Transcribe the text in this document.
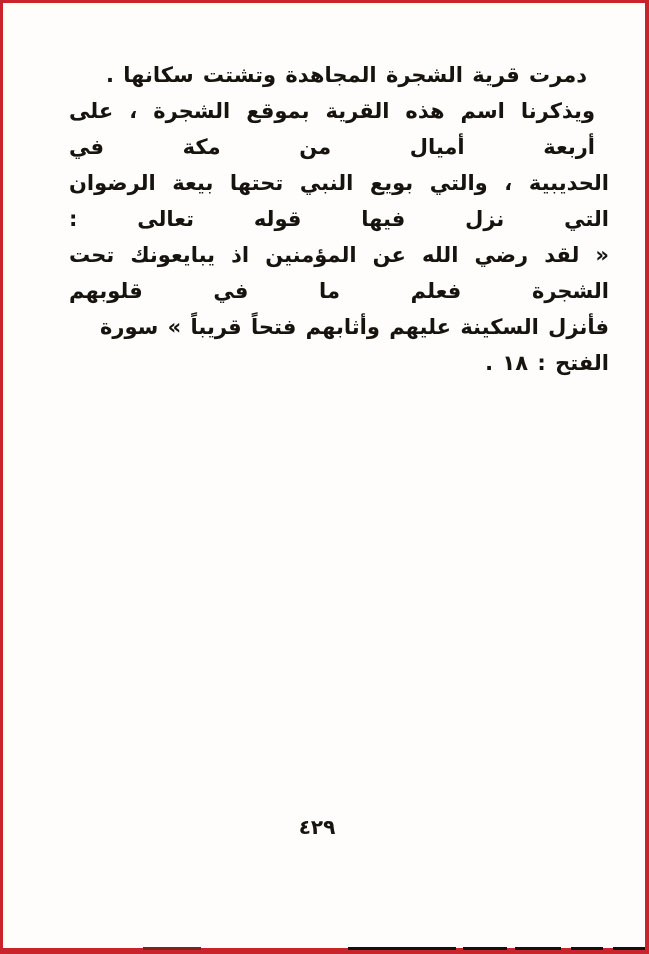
دمرت قرية الشجرة المجاهدة وتشتت سكانها .

ويذكرنا اسم هذه القرية بموقع الشجرة ، على أربعة أميال من مكة في

الحديبية ، والتي بويع النبي تحتها بيعة الرضوان التي نزل فيها قوله تعالى :

« لقد رضي الله عن المؤمنين اذ يبايعونك تحت الشجرة فعلم ما في قلوبهم

فأنزل السكينة عليهم وأثابهم فتحاً قريباً » سورة الفتح : ١٨ .

٤٢٩
